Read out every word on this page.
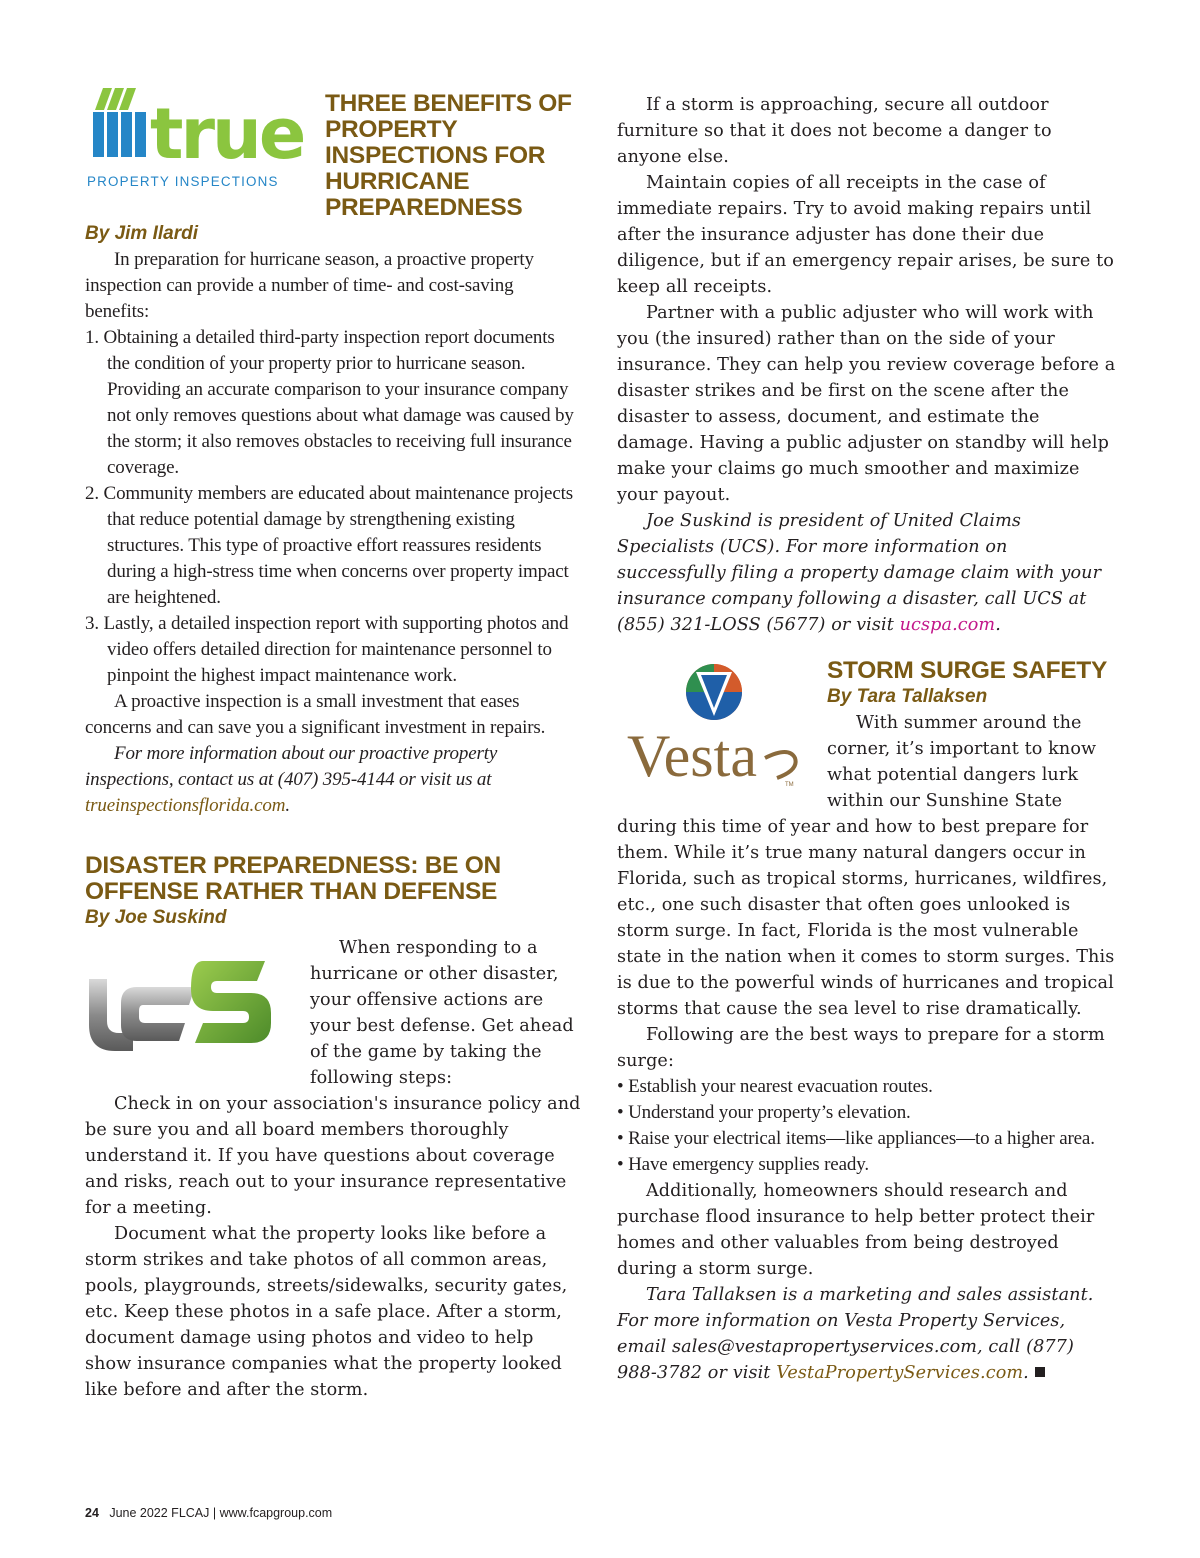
true
PROPERTY INSPECTIONS
THREE BENEFITS OF
PROPERTY
INSPECTIONS FOR
HURRICANE
PREPAREDNESS

By Jim Ilardi

In preparation for hurricane season, a proactive property inspection can provide a number of time- and cost-saving benefits:

1. Obtaining a detailed third-party inspection report documents the condition of your property prior to hurricane season. Providing an accurate comparison to your insurance company not only removes questions about what damage was caused by the storm; it also removes obstacles to receiving full insurance coverage.
2. Community members are educated about maintenance projects that reduce potential damage by strengthening existing structures. This type of proactive effort reassures residents during a high-stress time when concerns over property impact are heightened.
3. Lastly, a detailed inspection report with supporting photos and video offers detailed direction for maintenance personnel to pinpoint the highest impact maintenance work.

A proactive inspection is a small investment that eases concerns and can save you a significant investment in repairs.

For more information about our proactive property inspections, contact us at (407) 395-4144 or visit us at trueinspectionsflorida.com.

DISASTER PREPAREDNESS: BE ON
OFFENSE RATHER THAN DEFENSE

By Joe Suskind

When responding to a hurricane or other disaster, your offensive actions are your best defense. Get ahead of the game by taking the following steps:

Check in on your association's insurance policy and be sure you and all board members thoroughly understand it. If you have questions about coverage and risks, reach out to your insurance representative for a meeting.

Document what the property looks like before a storm strikes and take photos of all common areas, pools, playgrounds, streets/sidewalks, security gates, etc. Keep these photos in a safe place. After a storm, document damage using photos and video to help show insurance companies what the property looked like before and after the storm.

If a storm is approaching, secure all outdoor furniture so that it does not become a danger to anyone else.

Maintain copies of all receipts in the case of immediate repairs. Try to avoid making repairs until after the insurance adjuster has done their due diligence, but if an emergency repair arises, be sure to keep all receipts.

Partner with a public adjuster who will work with you (the insured) rather than on the side of your insurance. They can help you review coverage before a disaster strikes and be first on the scene after the disaster to assess, document, and estimate the damage. Having a public adjuster on standby will help make your claims go much smoother and maximize your payout.

Joe Suskind is president of United Claims Specialists (UCS). For more information on successfully filing a property damage claim with your insurance company following a disaster, call UCS at (855) 321-LOSS (5677) or visit ucspa.com.

Vesta	TM
STORM SURGE SAFETY

By Tara Tallaksen

With summer around the corner, it’s important to know what potential dangers lurk within our Sunshine State during this time of year and how to best prepare for them. While it’s true many natural dangers occur in Florida, such as tropical storms, hurricanes, wildfires, etc., one such disaster that often goes unlooked is storm surge. In fact, Florida is the most vulnerable state in the nation when it comes to storm surges. This is due to the powerful winds of hurricanes and tropical storms that cause the sea level to rise dramatically.

Following are the best ways to prepare for a storm surge:

• Establish your nearest evacuation routes.
• Understand your property’s elevation.
• Raise your electrical items—like appliances—to a higher area.
• Have emergency supplies ready.

Additionally, homeowners should research and purchase flood insurance to help better protect their homes and other valuables from being destroyed during a storm surge.

Tara Tallaksen is a marketing and sales assistant. For more information on Vesta Property Services, email sales@vestapropertyservices.com, call (877) 988-3782 or visit VestaPropertyServices.com.

24 June 2022 FLCAJ | www.fcapgroup.com
